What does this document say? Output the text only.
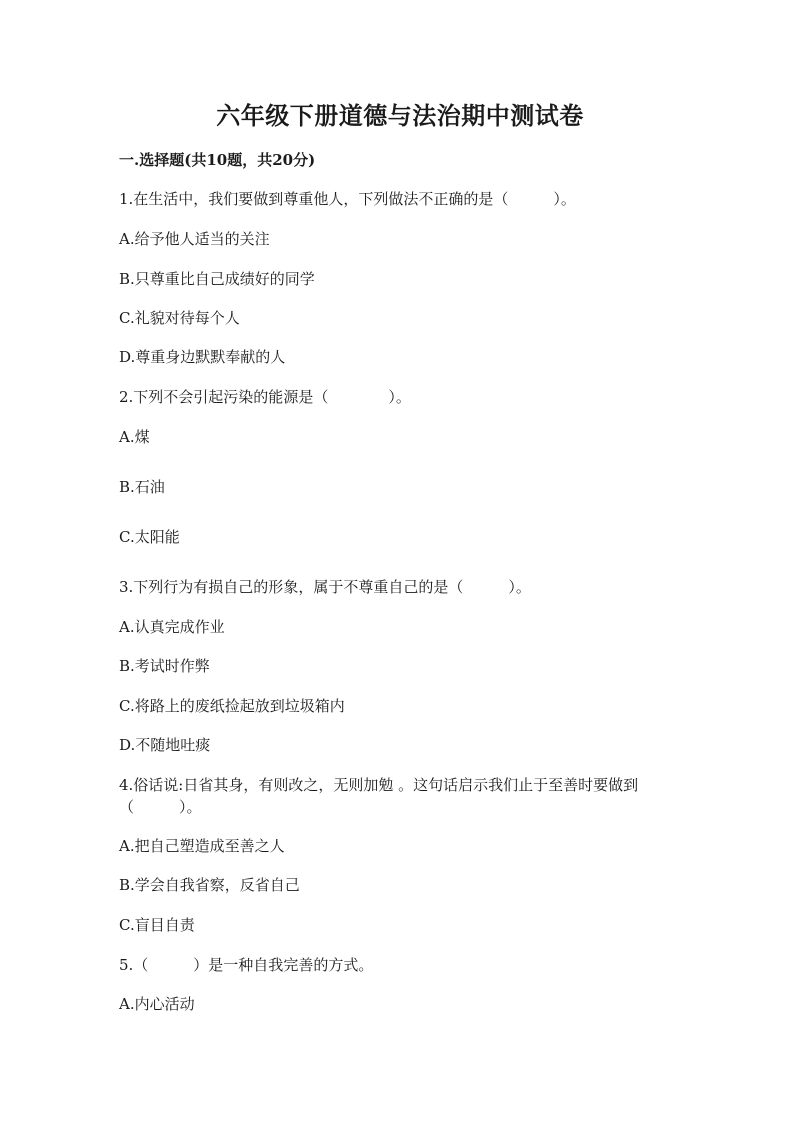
六年级下册道德与法治期中测试卷
一.选择题(共10题，共20分)
1.在生活中，我们要做到尊重他人，下列做法不正确的是（　　　）。
A.给予他人适当的关注
B.只尊重比自己成绩好的同学
C.礼貌对待每个人
D.尊重身边默默奉献的人
2.下列不会引起污染的能源是（　　　　）。
A.煤
B.石油
C.太阳能
3.下列行为有损自己的形象，属于不尊重自己的是（　　　）。
A.认真完成作业
B.考试时作弊
C.将路上的废纸捡起放到垃圾箱内
D.不随地吐痰
4.俗话说:日省其身，有则改之，无则加勉 。这句话启示我们止于至善时要做到（　　　）。
A.把自己塑造成至善之人
B.学会自我省察，反省自己
C.盲目自责
5.（　　　）是一种自我完善的方式。
A.内心活动
